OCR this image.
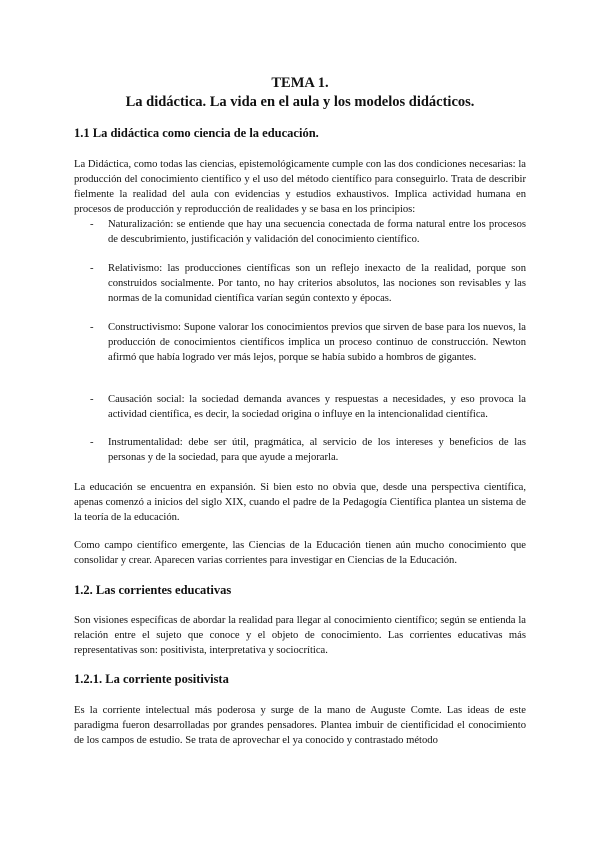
TEMA 1.
La didáctica. La vida en el aula y los modelos didácticos.
1.1 La didáctica como ciencia de la educación.
La Didáctica, como todas las ciencias, epistemológicamente cumple con las dos condiciones necesarias: la producción del conocimiento científico y el uso del método científico para conseguirlo. Trata de describir fielmente la realidad del aula con evidencias y estudios exhaustivos. Implica actividad humana en procesos de producción y reproducción de realidades y se basa en los principios:
- Naturalización: se entiende que hay una secuencia conectada de forma natural entre los procesos de descubrimiento, justificación y validación del conocimiento científico.
- Relativismo: las producciones científicas son un reflejo inexacto de la realidad, porque son construidos socialmente. Por tanto, no hay criterios absolutos, las nociones son revisables y las normas de la comunidad científica varían según contexto y épocas.
- Constructivismo: Supone valorar los conocimientos previos que sirven de base para los nuevos, la producción de conocimientos científicos implica un proceso continuo de construcción. Newton afirmó que había logrado ver más lejos, porque se había subido a hombros de gigantes.
- Causación social: la sociedad demanda avances y respuestas a necesidades, y eso provoca la actividad científica, es decir, la sociedad origina o influye en la intencionalidad científica.
- Instrumentalidad: debe ser útil, pragmática, al servicio de los intereses y beneficios de las personas y de la sociedad, para que ayude a mejorarla.
La educación se encuentra en expansión. Si bien esto no obvia que, desde una perspectiva científica, apenas comenzó a inicios del siglo XIX, cuando el padre de la Pedagogía Científica plantea un sistema de la teoría de la educación.
Como campo científico emergente, las Ciencias de la Educación tienen aún mucho conocimiento que consolidar y crear. Aparecen varias corrientes para investigar en Ciencias de la Educación.
1.2. Las corrientes educativas
Son visiones específicas de abordar la realidad para llegar al conocimiento científico; según se entienda la relación entre el sujeto que conoce y el objeto de conocimiento. Las corrientes educativas más representativas son: positivista, interpretativa y sociocrítica.
1.2.1. La corriente positivista
Es la corriente intelectual más poderosa y surge de la mano de Auguste Comte. Las ideas de este paradigma fueron desarrolladas por grandes pensadores. Plantea imbuir de cientificidad el conocimiento de los campos de estudio. Se trata de aprovechar el ya conocido y contrastado método
